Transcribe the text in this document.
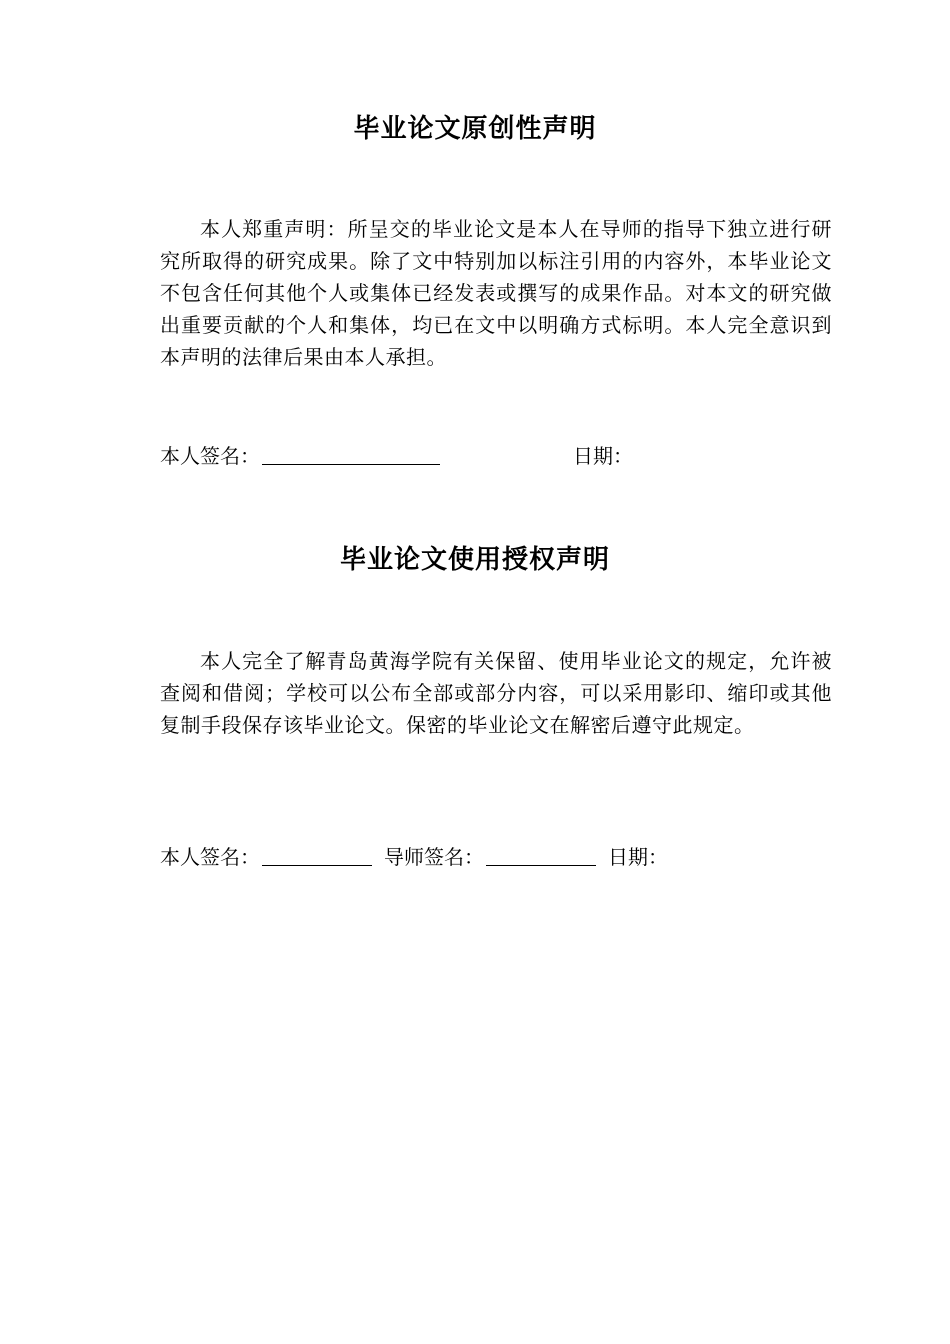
毕业论文原创性声明

本人郑重声明：所呈交的毕业论文是本人在导师的指导下独立进行研究所取得的研究成果。除了文中特别加以标注引用的内容外，本毕业论文不包含任何其他个人或集体已经发表或撰写的成果作品。对本文的研究做出重要贡献的个人和集体，均已在文中以明确方式标明。本人完全意识到本声明的法律后果由本人承担。

本人签名：	日期：
毕业论文使用授权声明

本人完全了解青岛黄海学院有关保留、使用毕业论文的规定，允许被查阅和借阅；学校可以公布全部或部分内容，可以采用影印、缩印或其他复制手段保存该毕业论文。保密的毕业论文在解密后遵守此规定。

本人签名：	导师签名：	日期：
